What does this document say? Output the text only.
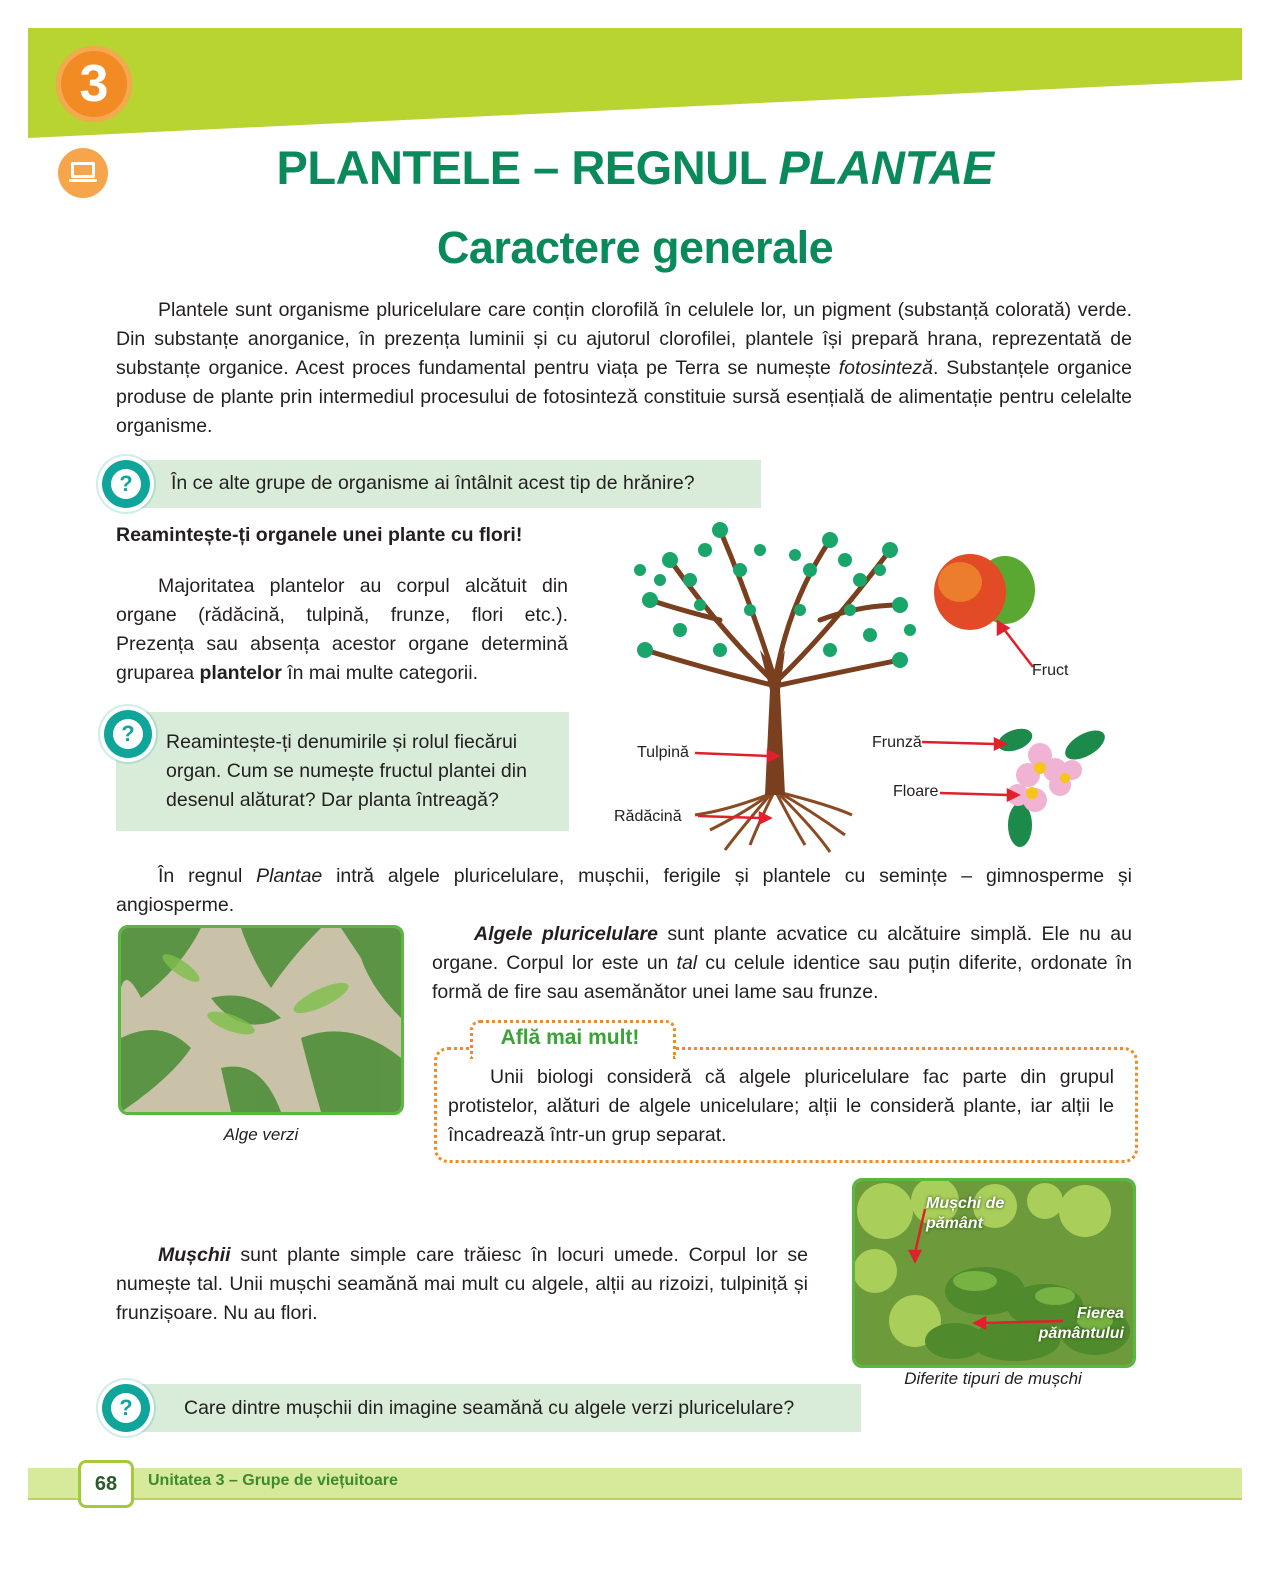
3
PLANTELE – REGNUL PLANTAE
Caractere generale
Plantele sunt organisme pluricelulare care conțin clorofilă în celulele lor, un pigment (substanță colorată) verde. Din substanțe anorganice, în prezența luminii și cu ajutorul clorofilei, plantele își prepară hrana, reprezentată de substanțe organice. Acest proces fundamental pentru viața pe Terra se numește fotosinteză. Substanțele organice produse de plante prin intermediul procesului de fotosinteză constituie sursă esențială de alimentație pentru celelalte organisme.
În ce alte grupe de organisme ai întâlnit acest tip de hrănire?
?
Reamintește-ți organele unei plante cu flori!
Majoritatea plantelor au corpul alcătuit din organe (rădăcină, tulpină, frunze, flori etc.). Prezența sau absența acestor organe determină gruparea plantelor în mai multe categorii.
Reamintește-ți denumirile și rolul fiecărui organ. Cum se numește fructul plantei din desenul alăturat? Dar planta întreagă?
?
Fruct
Tulpină
Rădăcină
Frunză
Floare
În regnul Plantae intră algele pluricelulare, mușchii, ferigile și plantele cu semințe – gimnosperme și angiosperme.
Alge verzi
Algele pluricelulare sunt plante acvatice cu alcătuire simplă. Ele nu au organe. Corpul lor este un tal cu celule identice sau puțin diferite, ordonate în formă de fire sau asemănător unei lame sau frunze.
Află mai mult!
Unii biologi consideră că algele pluricelulare fac parte din grupul protistelor, alături de algele unicelulare; alții le consideră plante, iar alții le încadrează într-un grup separat.
Mușchi de pământ
Fierea pământului
Diferite tipuri de mușchi
Mușchii sunt plante simple care trăiesc în locuri umede. Corpul lor se numește tal. Unii mușchi seamănă mai mult cu algele, alții au rizoizi, tulpiniță și frunzișoare. Nu au flori.
Care dintre mușchii din imagine seamănă cu algele verzi pluricelulare?
?
68	Unitatea 3 – Grupe de viețuitoare
